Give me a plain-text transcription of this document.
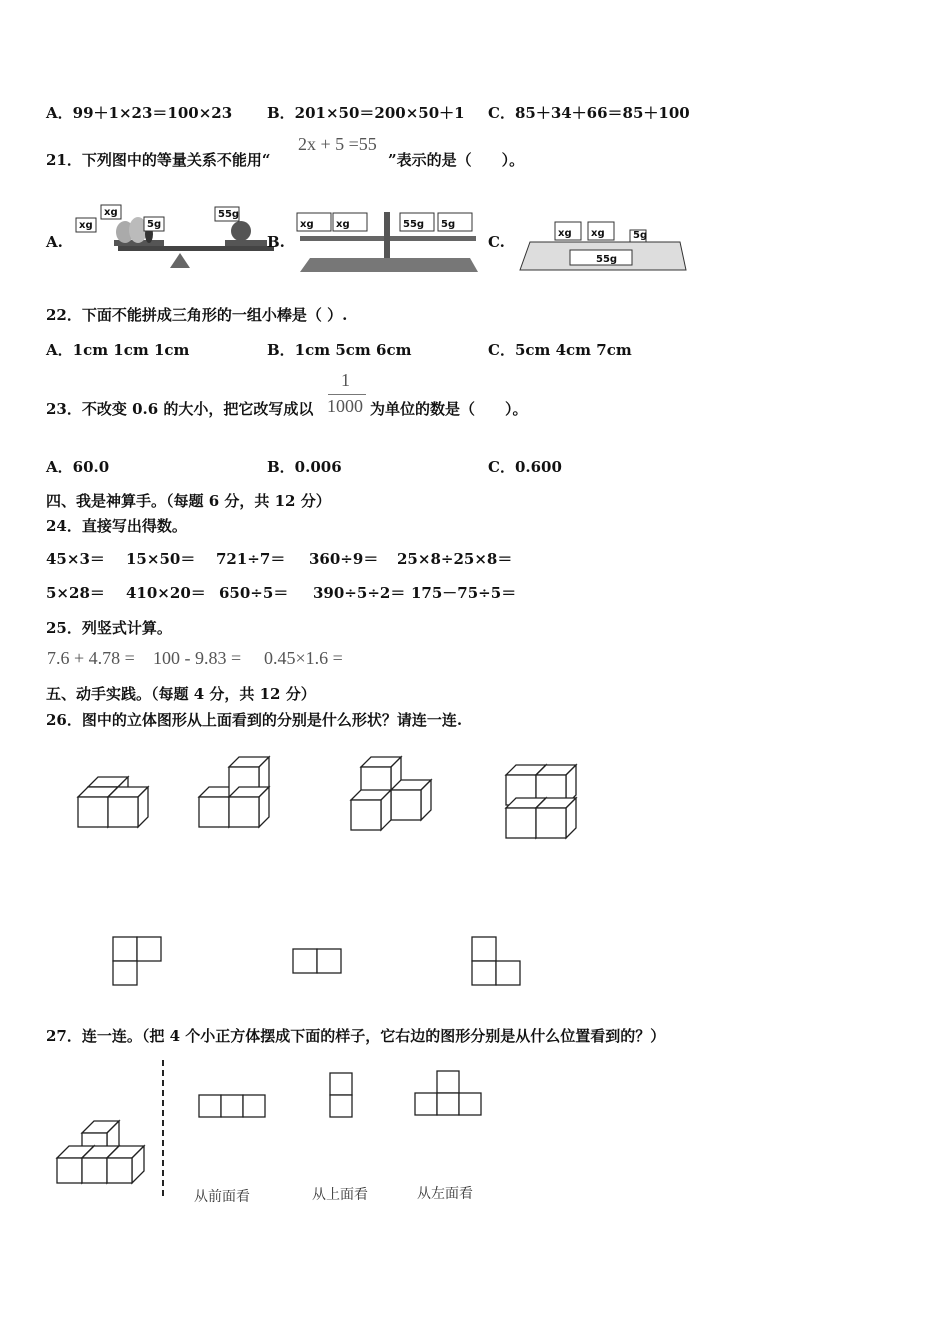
xg
xg
5g
55g
xg xg	55g 5g
55g
xg xg	5g
A．99＋1×23＝100×23 B．201×50＝200×50＋1 C．85＋34＋66＝85＋100
21．下列图中的等量关系不能用“
2x + 5 =55
”表示的是（　　）。
A.	B.	C.
22．下面不能拼成三角形的一组小棒是（ ）.
A．1cm 1cm 1cm	B．1cm 5cm 6cm	C．5cm 4cm 7cm
23．不改变 0.6 的大小，把它改写成以
1
1000 为单位的数是（　　）。
A．60.0	B．0.006	C．0.600
四、我是神算手。（每题 6 分，共 12 分）
24．直接写出得数。
45×3＝ 15×50＝ 721÷7＝ 360÷9＝ 25×8÷25×8＝
5×28＝ 410×20＝ 650÷5＝ 390÷5÷2＝ 175－75÷5＝
25．列竖式计算。
7.6 + 4.78 = 100 - 9.83 = 0.45×1.6 =
五、动手实践。（每题 4 分，共 12 分）
26．图中的立体图形从上面看到的分别是什么形状？请连一连.
27．连一连。（把 4 个小正方体摆成下面的样子，它右边的图形分别是从什么位置看到的？）
从前面看	从上面看	从左面看
